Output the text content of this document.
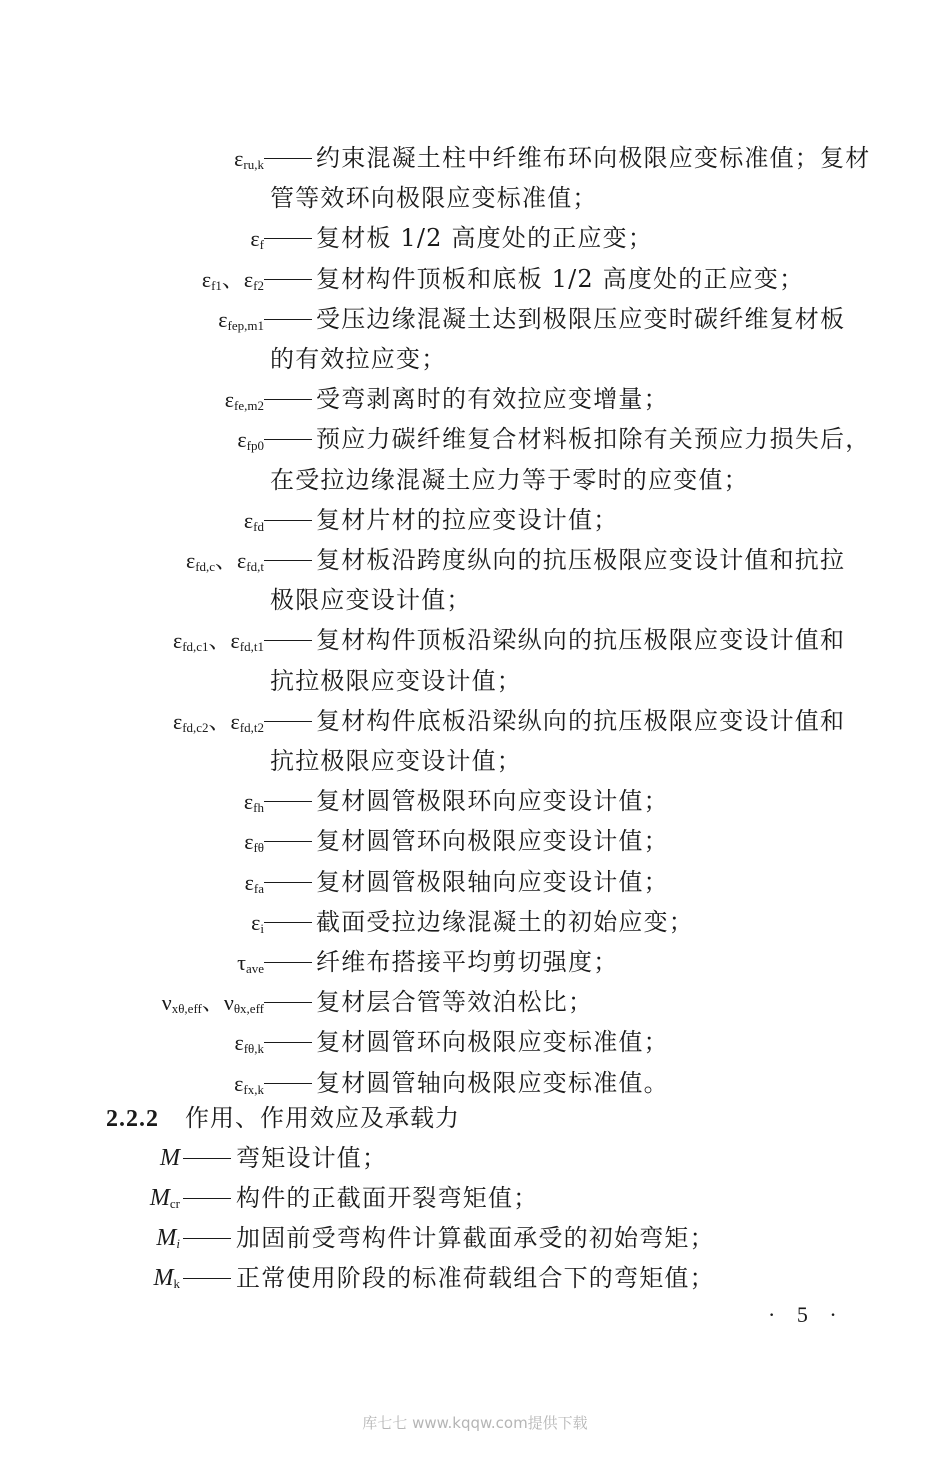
$\varepsilon_{ru,k}$	约束混凝土柱中纤维布环向极限应变标准值；复材
管等效环向极限应变标准值；
$\varepsilon_f$	复材板 1/2 高度处的正应变；
$\varepsilon_{f1}$、$\varepsilon_{f2}$	复材构件顶板和底板 1/2 高度处的正应变；
$\varepsilon_{fep,m1}$	受压边缘混凝土达到极限压应变时碳纤维复材板
的有效拉应变；
$\varepsilon_{fe,m2}$	受弯剥离时的有效拉应变增量；
$\varepsilon_{fp0}$	预应力碳纤维复合材料板扣除有关预应力损失后，
在受拉边缘混凝土应力等于零时的应变值；
$\varepsilon_{fd}$	复材片材的拉应变设计值；
$\varepsilon_{fd,c}$、$\varepsilon_{fd,t}$	复材板沿跨度纵向的抗压极限应变设计值和抗拉
极限应变设计值；
$\varepsilon_{fd,c1}$、$\varepsilon_{fd,t1}$	复材构件顶板沿梁纵向的抗压极限应变设计值和
抗拉极限应变设计值；
$\varepsilon_{fd,c2}$、$\varepsilon_{fd,t2}$	复材构件底板沿梁纵向的抗压极限应变设计值和
抗拉极限应变设计值；
$\varepsilon_{fh}$	复材圆管极限环向应变设计值；
$\varepsilon_{f\theta}$	复材圆管环向极限应变设计值；
$\varepsilon_{fa}$	复材圆管极限轴向应变设计值；
$\varepsilon_i$	截面受拉边缘混凝土的初始应变；
$\tau_{ave}$	纤维布搭接平均剪切强度；
$\nu_{x\theta,eff}$、$\nu_{\theta x,eff}$	复材层合管等效泊松比；
$\varepsilon_{f\theta,k}$	复材圆管环向极限应变标准值；
$\varepsilon_{fx,k}$	复材圆管轴向极限应变标准值。
2.2.2 作用、作用效应及承载力
M 弯矩设计值；
$M_{cr}$ 构件的正截面开裂弯矩值；
$M_i$ 加固前受弯构件计算截面承受的初始弯矩；
$M_k$ 正常使用阶段的标准荷载组合下的弯矩值；
· 5 ·
库七七 www.kqqw.com提供下载
